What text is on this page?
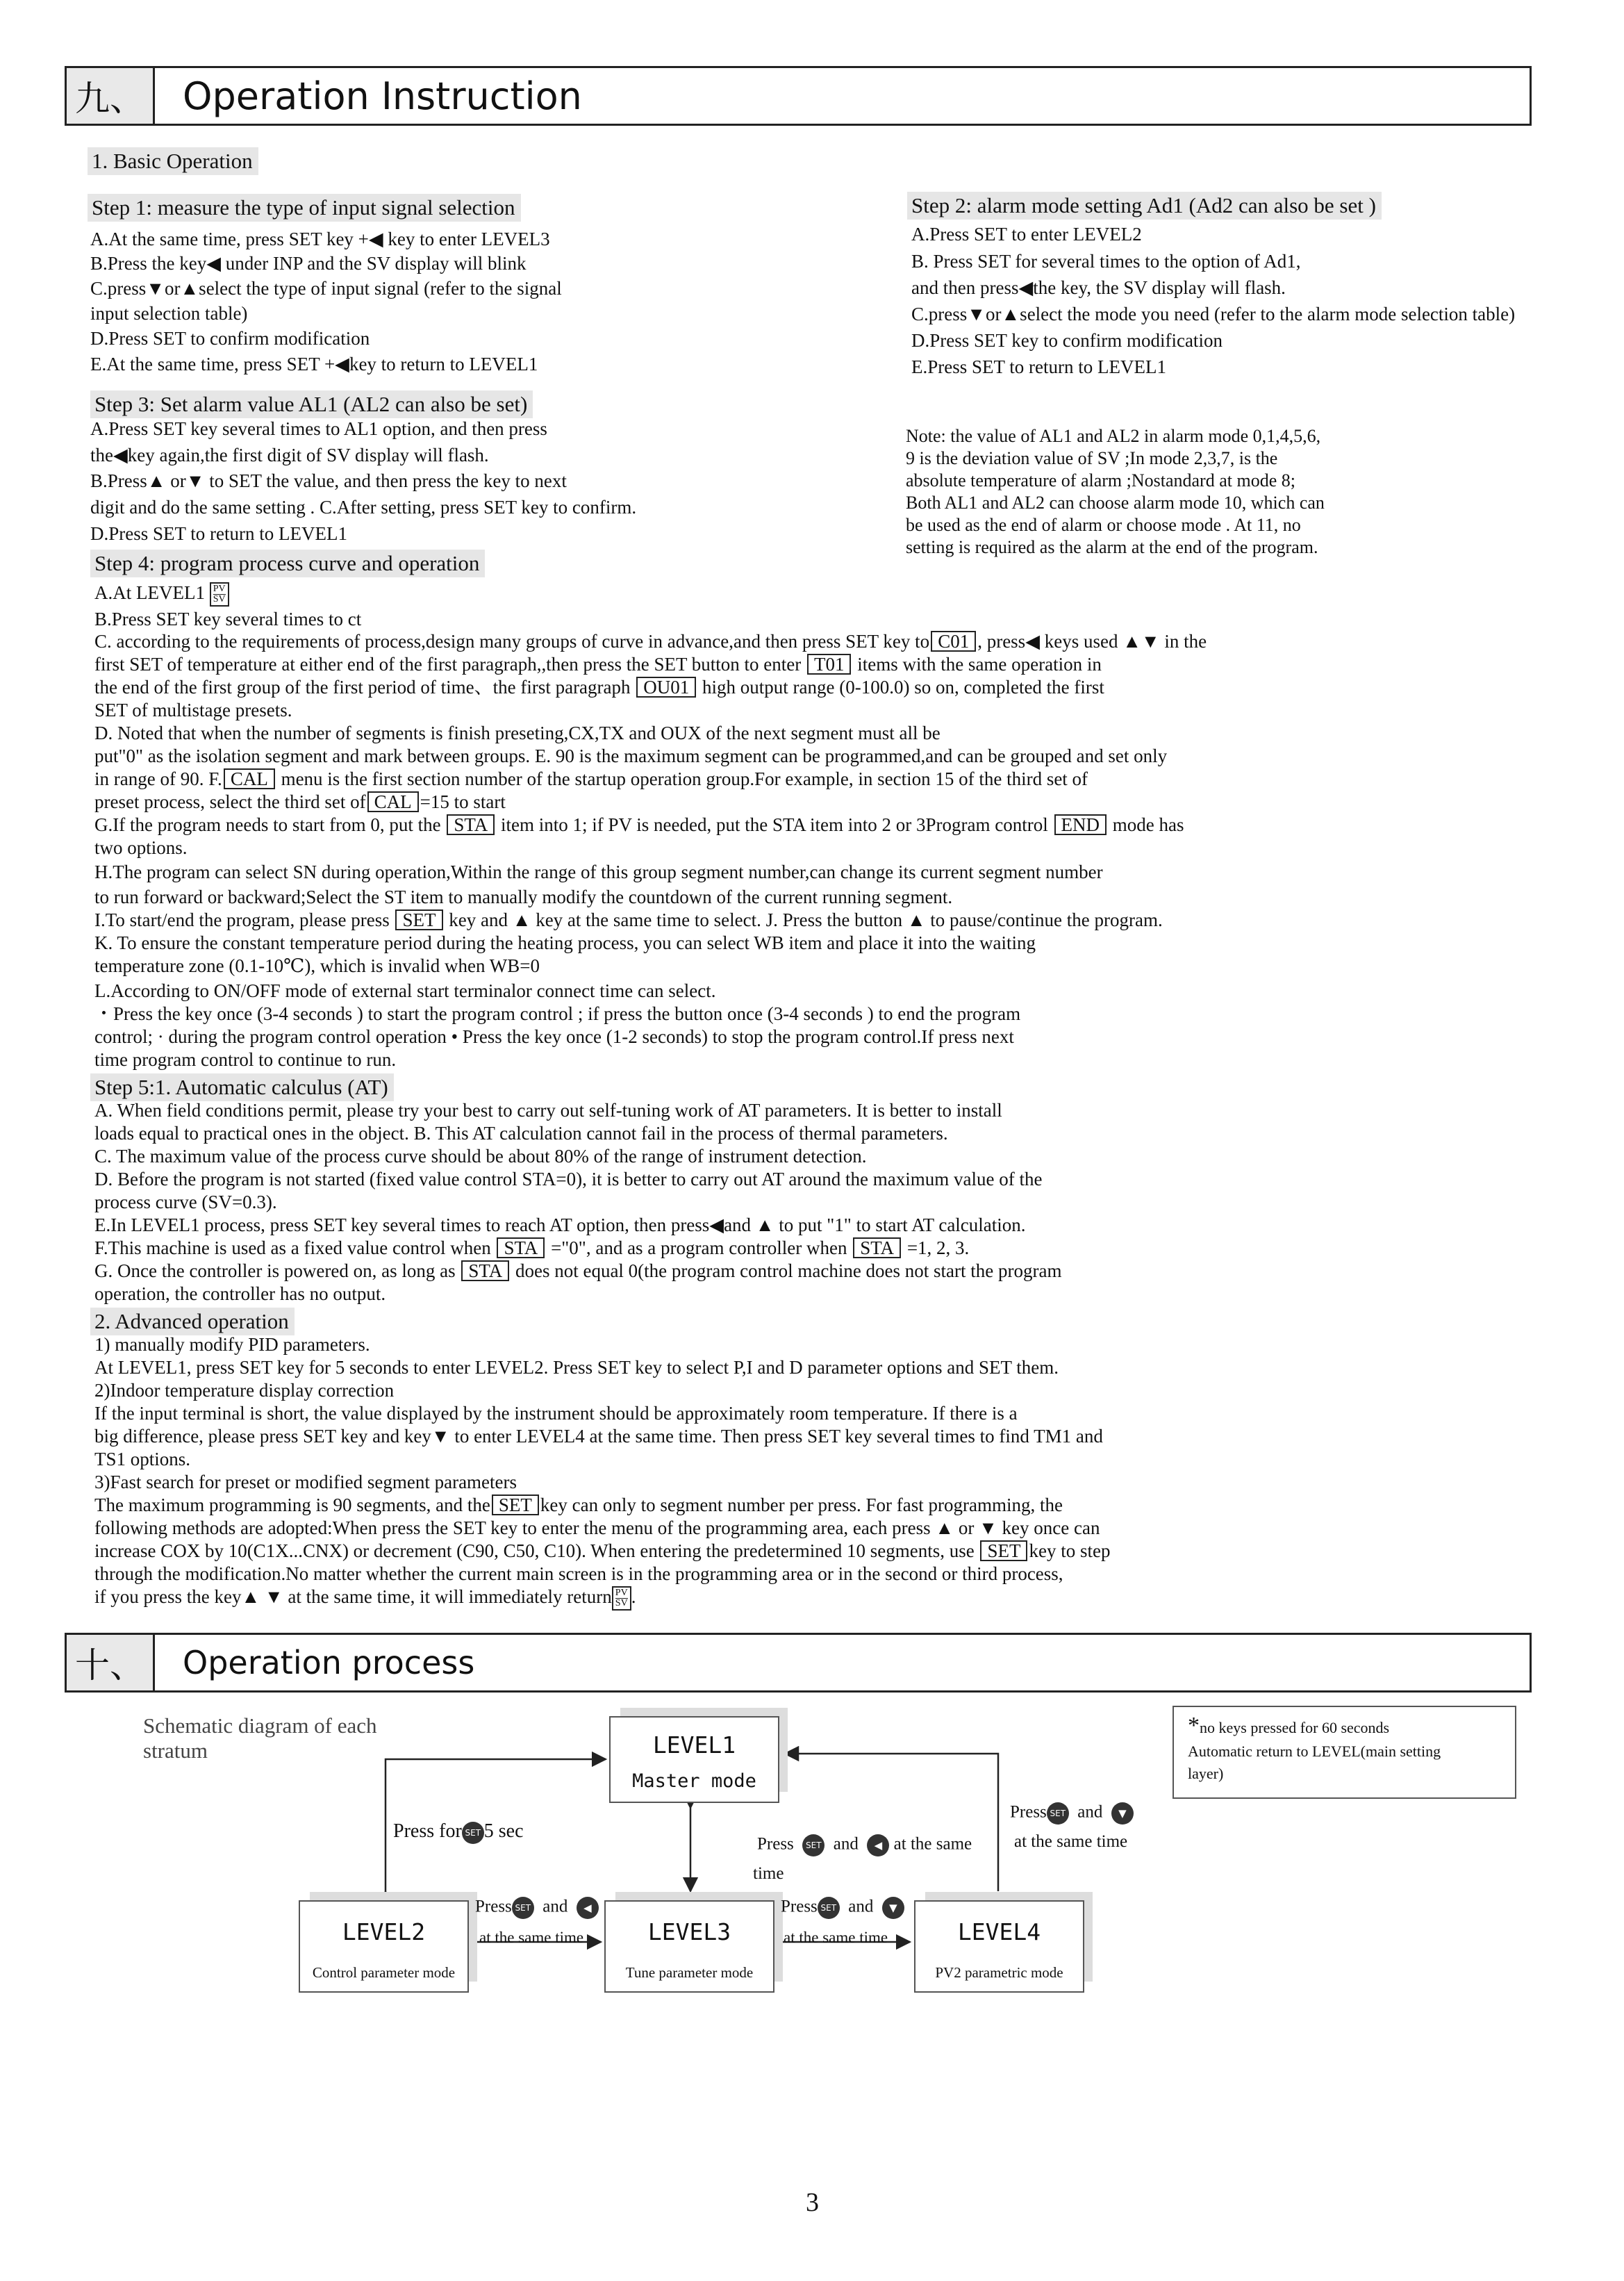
九、	Operation Instruction
1. Basic Operation
Step 1: measure the type of input signal selection
A.At the same time, press SET key +◀ key to enter LEVEL3
B.Press the key◀ under INP and the SV display will blink
C.press▼or▲select the type of input signal (refer to the signal
input selection table)
D.Press SET to confirm modification
E.At the same time, press SET +◀key to return to LEVEL1
Step 2: alarm mode setting Ad1 (Ad2 can also be set )
A.Press SET to enter LEVEL2
B. Press SET for several times to the option of Ad1,
and then press◀the key, the SV display will flash.
C.press▼or▲select the mode you need (refer to the alarm mode selection table)
D.Press SET key to confirm modification
E.Press SET to return to LEVEL1
Step 3: Set alarm value AL1 (AL2 can also be set)
A.Press SET key several times to AL1 option, and then press
the◀key again,the first digit of SV display will flash.
B.Press▲ or▼ to SET the value, and then press the key to next
digit and do the same setting . C.After setting, press SET key to confirm.
D.Press SET to return to LEVEL1
Note: the value of AL1 and AL2 in alarm mode 0,1,4,5,6,
9 is the deviation value of SV ;In mode 2,3,7, is the
absolute temperature of alarm ;Nostandard at mode 8;
Both AL1 and AL2 can choose alarm mode 10, which can
be used as the end of alarm or choose mode . At 11, no
setting is required as the alarm at the end of the program.
Step 4: program process curve and operation
A.At LEVEL1 $\frac{PV}{SV}$
B.Press SET key several times to ct
C. according to the requirements of process,design many groups of curve in advance,and then press SET key to C01 , press◀ keys used ▲▼ in the
first SET of temperature at either end of the first paragraph,,then press the SET button to enter T01 items with the same operation in
the end of the first group of the first period of time、the first paragraph OU01 high output range (0-100.0) so on, completed the first
SET of multistage presets.
D. Noted that when the number of segments is finish preseting,CX,TX and OUX of the next segment must all be
put"0" as the isolation segment and mark between groups. E. 90 is the maximum segment can be programmed,and can be grouped and set only
in range of 90. F. CAL menu is the first section number of the startup operation group.For example, in section 15 of the third set of
preset process, select the third set of CAL =15 to start
G.If the program needs to start from 0, put the STA item into 1; if PV is needed, put the STA item into 2 or 3Program control END mode has
two options.
H.The program can select SN during operation,Within the range of this group segment number,can change its current segment number
to run forward or backward;Select the ST item to manually modify the countdown of the current running segment.
I.To start/end the program, please press SET key and ▲ key at the same time to select. J. Press the button ▲ to pause/continue the program.
K. To ensure the constant temperature period during the heating process, you can select WB item and place it into the waiting
temperature zone (0.1-10℃), which is invalid when WB=0
L.According to ON/OFF mode of external start terminalor connect time can select.
・Press the key once (3-4 seconds ) to start the program control ; if press the button once (3-4 seconds ) to end the program
control; · during the program control operation • Press the key once (1-2 seconds) to stop the program control.If press next
time program control to continue to run.
Step 5:1. Automatic calculus (AT)
A. When field conditions permit, please try your best to carry out self-tuning work of AT parameters. It is better to install
loads equal to practical ones in the object. B. This AT calculation cannot fail in the process of thermal parameters.
C. The maximum value of the process curve should be about 80% of the range of instrument detection.
D. Before the program is not started (fixed value control STA=0), it is better to carry out AT around the maximum value of the
process curve (SV=0.3).
E.In LEVEL1 process, press SET key several times to reach AT option, then press◀and ▲ to put "1" to start AT calculation.
F.This machine is used as a fixed value control when STA ="0", and as a program controller when STA =1, 2, 3.
G. Once the controller is powered on, as long as STA does not equal 0(the program control machine does not start the program
operation, the controller has no output.
2. Advanced operation
1) manually modify PID parameters.
At LEVEL1, press SET key for 5 seconds to enter LEVEL2. Press SET key to select P,I and D parameter options and SET them.
2)Indoor temperature display correction
If the input terminal is short, the value displayed by the instrument should be approximately room temperature. If there is a
big difference, please press SET key and key▼ to enter LEVEL4 at the same time. Then press SET key several times to find TM1 and
TS1 options.
3)Fast search for preset or modified segment parameters
The maximum programming is 90 segments, and the SET key can only to segment number per press. For fast programming, the
following methods are adopted:When press the SET key to enter the menu of the programming area, each press ▲ or ▼ key once can
increase COX by 10(C1X...CNX) or decrement (C90, C50, C10). When entering the predetermined 10 segments, use SET key to step
through the modification.No matter whether the current main screen is in the programming area or in the second or third process,
if you press the key▲ ▼ at the same time, it will immediately return $\frac{PV}{SV}$ .
十、	Operation process
Schematic diagram of each
stratum
*no keys pressed for 60 seconds
Automatic return to LEVEL(main setting
layer)
LEVEL1
Master mode
LEVEL2
Control parameter mode
LEVEL3
Tune parameter mode
LEVEL4
PV2 parametric mode
Press for SET 5 sec
Press SET and ◀ at the same
time
Press SET and ▼
at the same time
Press SET and ◀
at the same time
Press SET and ▼
at the same time
3
